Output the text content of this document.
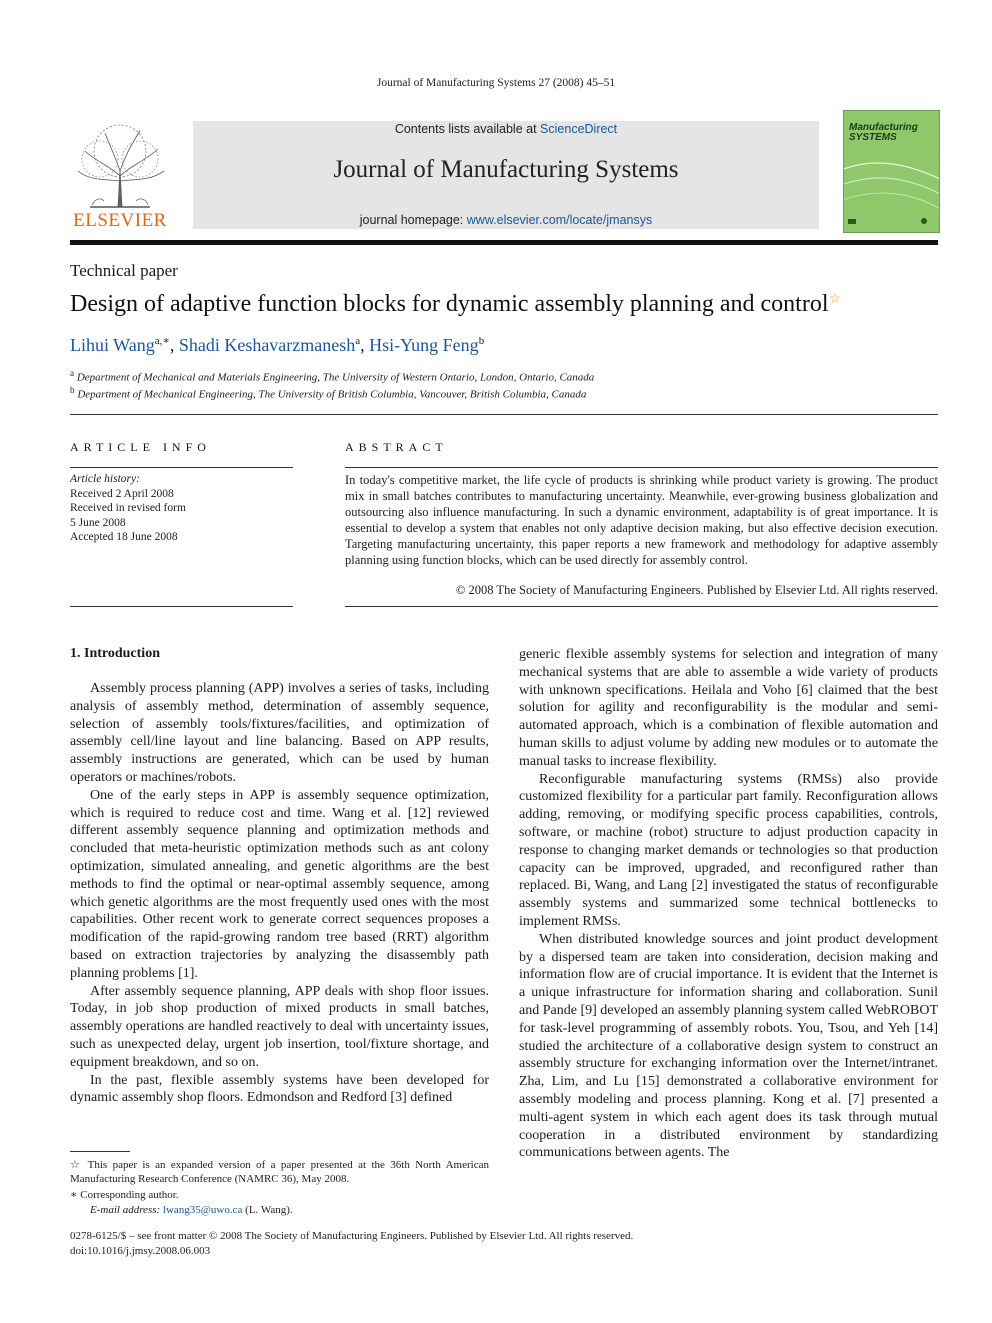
Journal of Manufacturing Systems 27 (2008) 45–51
ELSEVIER
Contents lists available at ScienceDirect
Journal of Manufacturing Systems
journal homepage: www.elsevier.com/locate/jmansys
Manufacturing SYSTEMS
Technical paper
Design of adaptive function blocks for dynamic assembly planning and control☆
Lihui Wang$^{a,∗}$, Shadi Keshavarzmanesh$^a$, Hsi-Yung Feng$^b$
$^a$ Department of Mechanical and Materials Engineering, The University of Western Ontario, London, Ontario, Canada
$^b$ Department of Mechanical Engineering, The University of British Columbia, Vancouver, British Columbia, Canada
ARTICLE INFO
Article history:
Received 2 April 2008
Received in revised form
5 June 2008
Accepted 18 June 2008
ABSTRACT
In today's competitive market, the life cycle of products is shrinking while product variety is growing. The product mix in small batches contributes to manufacturing uncertainty. Meanwhile, ever-growing business globalization and outsourcing also influence manufacturing. In such a dynamic environment, adaptability is of great importance. It is essential to develop a system that enables not only adaptive decision making, but also effective decision execution. Targeting manufacturing uncertainty, this paper reports a new framework and methodology for adaptive assembly planning using function blocks, which can be used directly for assembly control.
© 2008 The Society of Manufacturing Engineers. Published by Elsevier Ltd. All rights reserved.
1. Introduction

Assembly process planning (APP) involves a series of tasks, including analysis of assembly method, determination of assembly sequence, selection of assembly tools/fixtures/facilities, and optimization of assembly cell/line layout and line balancing. Based on APP results, assembly instructions are generated, which can be used by human operators or machines/robots.

One of the early steps in APP is assembly sequence optimization, which is required to reduce cost and time. Wang et al. [12] reviewed different assembly sequence planning and optimization methods and concluded that meta-heuristic optimization methods such as ant colony optimization, simulated annealing, and genetic algorithms are the best methods to find the optimal or near-optimal assembly sequence, among which genetic algorithms are the most frequently used ones with the most capabilities. Other recent work to generate correct sequences proposes a modification of the rapid-growing random tree based (RRT) algorithm based on extraction trajectories by analyzing the disassembly path planning problems [1].

After assembly sequence planning, APP deals with shop floor issues. Today, in job shop production of mixed products in small batches, assembly operations are handled reactively to deal with uncertainty issues, such as unexpected delay, urgent job insertion, tool/fixture shortage, and equipment breakdown, and so on.

In the past, flexible assembly systems have been developed for dynamic assembly shop floors. Edmondson and Redford [3] defined

generic flexible assembly systems for selection and integration of many mechanical systems that are able to assemble a wide variety of products with unknown specifications. Heilala and Voho [6] claimed that the best solution for agility and reconfigurability is the modular and semi-automated approach, which is a combination of flexible automation and human skills to adjust volume by adding new modules or to automate the manual tasks to increase flexibility.

Reconfigurable manufacturing systems (RMSs) also provide customized flexibility for a particular part family. Reconfiguration allows adding, removing, or modifying specific process capabilities, controls, software, or machine (robot) structure to adjust production capacity in response to changing market demands or technologies so that production capacity can be improved, upgraded, and reconfigured rather than replaced. Bi, Wang, and Lang [2] investigated the status of reconfigurable assembly systems and summarized some technical bottlenecks to implement RMSs.

When distributed knowledge sources and joint product development by a dispersed team are taken into consideration, decision making and information flow are of crucial importance. It is evident that the Internet is a unique infrastructure for information sharing and collaboration. Sunil and Pande [9] developed an assembly planning system called WebROBOT for task-level programming of assembly robots. You, Tsou, and Yeh [14] studied the architecture of a collaborative design system to construct an assembly structure for exchanging information over the Internet/intranet. Zha, Lim, and Lu [15] demonstrated a collaborative environment for assembly modeling and process planning. Kong et al. [7] presented a multi-agent system in which each agent does its task through mutual cooperation in a distributed environment by standardizing communications between agents. The

☆ This paper is an expanded version of a paper presented at the 36th North American Manufacturing Research Conference (NAMRC 36), May 2008.
∗ Corresponding author.
E-mail address: lwang35@uwo.ca (L. Wang).
0278-6125/$ – see front matter © 2008 The Society of Manufacturing Engineers. Published by Elsevier Ltd. All rights reserved.
doi:10.1016/j.jmsy.2008.06.003
